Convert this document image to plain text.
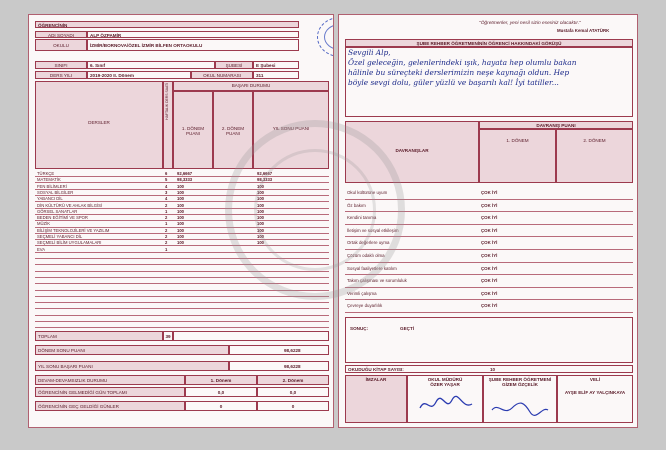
ÖĞRENCİNİN
ADI SOYADI	ALP ÖZPAMİR
OKULU	İZMİR/BORNOVA/ÖZEL İZMİR BİLFEN ORTAOKULU
SINIFI	6. Sınıf	ŞUBESİ	E Şubesi
DERS YILI	2019-2020 II. Dönem	OKUL NUMARASI	311
DERSLER
HAFTALIK DERS SAATİ	BAŞARI DURUMU
1. DÖNEM PUANI
2. DÖNEM PUANI
YIL SONU PUANI
TOPLAM	39
DÖNEM SONU PUANI	98,6228
YIL SONU BAŞARI PUANI	98,6228
DEVAM-DEVAMSIZLIK DURUMU	1. Dönem	2. Dönem
ÖĞRENCİNİN GELMEDİĞİ GÜN TOPLAMI	0,0	0,0
ÖĞRENCİNİN GEÇ GELDİĞİ GÜNLER	0	0
TÜRKÇE	6	92,6667	92,6667
MATEMATİK	5	98,3333	98,3333
FEN BİLİMLERİ	4	100	100
SOSYAL BİLGİLER	3	100	100
YABANCI DİL	4	100	100
DİN KÜLTÜRÜ VE AHLAK BİLGİSİ	2	100	100
GÖRSEL SANATLAR	1	100	100
BEDEN EĞİTİMİ VE SPOR	2	100	100
MÜZİK	1	100	100
BİLİŞİM TEKNOLOJİLERİ VE YAZILIM	2	100	100
SEÇMELİ YABANCI DİL	2	100	100
SEÇMELİ BİLİM UYGULAMALARI	2	100	100
EVA	1
"Öğretmenler, yeni nesil sizin eseriniz olacaktır."
Mustafa Kemal ATATÜRK
ŞUBE REHBER ÖĞRETMENİNİN ÖĞRENCİ HAKKINDAKİ GÖRÜŞÜ
Sevgili Alp,
Özel geleceğin, gelenlerindeki ışık, hayata hep olumlu bakan
hâlinle bu süreçteki derslerimizin neşe kaynağı oldun. Hep
böyle sevgi dolu, güler yüzlü ve başarılı kal! İyi tatiller...
DAVRANIŞ PUANI
DAVRANIŞLAR
1. DÖNEM	2. DÖNEM
SONUÇ:	GEÇTİ
OKUDUĞU KİTAP SAYISI:	10
İMZALAR	OKUL MÜDÜRÜ
ÖZER YAŞAR
ŞUBE REHBER ÖĞRETMENİ
GİZEM ÖZÇELİK
VELİ
AYŞE ELİF AY YALÇINKAYA
Okul kültürüne uyum	ÇOK İYİ
Öz bakım	ÇOK İYİ
Kendini tanıma	ÇOK İYİ
İletişim ve sosyal etkileşim	ÇOK İYİ
Ortak değerlere uyma	ÇOK İYİ
Çözüm odaklı olma	ÇOK İYİ
Sosyal faaliyetlere katılım	ÇOK İYİ
Takım çalışması ve sorumluluk	ÇOK İYİ
Verimli çalışma	ÇOK İYİ
Çevreye duyarlılık	ÇOK İYİ
